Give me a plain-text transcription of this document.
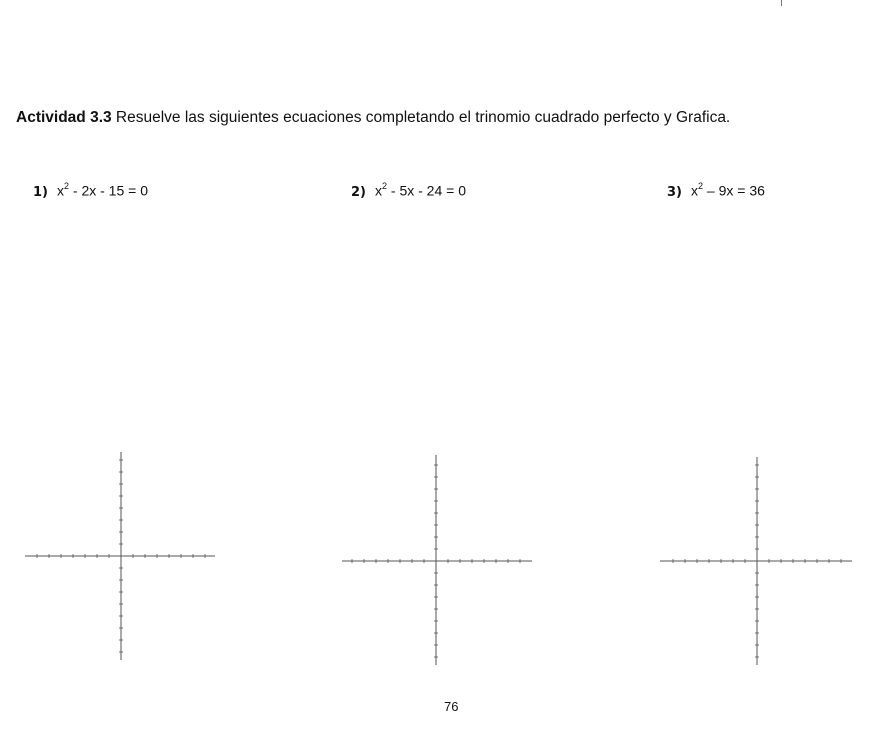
Actividad 3.3 Resuelve las siguientes ecuaciones completando el trinomio cuadrado perfecto y Grafica.
1) $x^2 - 2x - 15 = 0$	2) $x^2 - 5x - 24 = 0$	3) $x^2 - 9x = 36$
76
